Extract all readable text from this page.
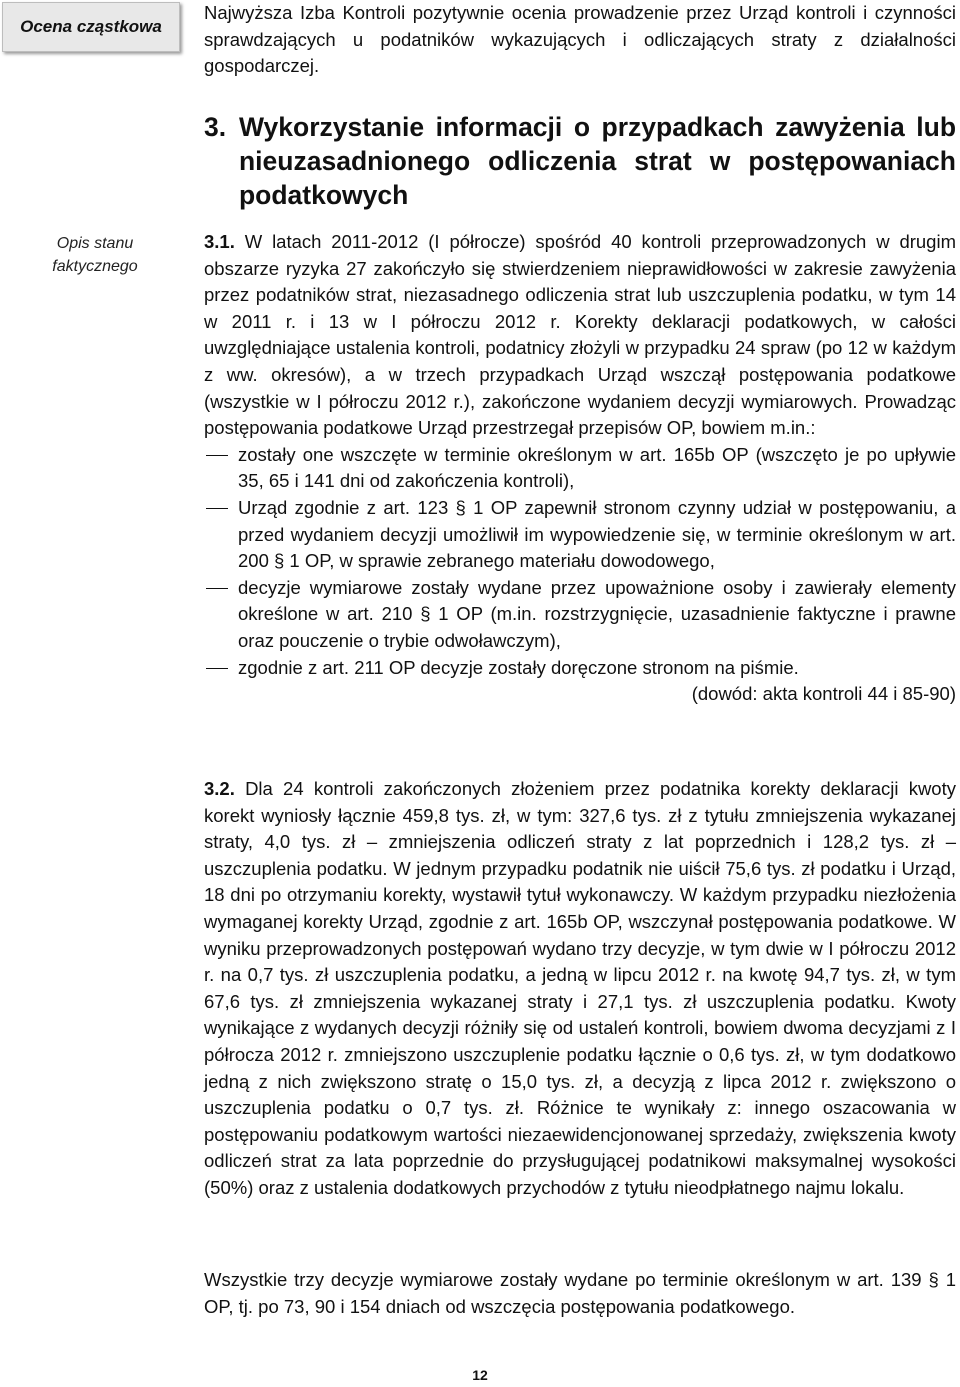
Ocena cząstkowa
Opis stanu
faktycznego
Najwyższa Izba Kontroli pozytywnie ocenia prowadzenie przez Urząd kontroli i czynności sprawdzających u podatników wykazujących i odliczających straty z działalności gospodarczej.
3. Wykorzystanie informacji o przypadkach zawyżenia lub nieuzasadnionego odliczenia strat w postępowaniach podatkowych
3.1. W latach 2011-2012 (I półrocze) spośród 40 kontroli przeprowadzonych w drugim obszarze ryzyka 27 zakończyło się stwierdzeniem nieprawidłowości w zakresie zawyżenia przez podatników strat, niezasadnego odliczenia strat lub uszczuplenia podatku, w tym 14 w 2011 r. i 13 w I półroczu 2012 r. Korekty deklaracji podatkowych, w całości uwzględniające ustalenia kontroli, podatnicy złożyli w przypadku 24 spraw (po 12 w każdym z ww. okresów), a w trzech przypadkach Urząd wszczął postępowania podatkowe (wszystkie w I półroczu 2012 r.), zakończone wydaniem decyzji wymiarowych. Prowadząc postępowania podatkowe Urząd przestrzegał przepisów OP, bowiem m.in.:
zostały one wszczęte w terminie określonym w art. 165b OP (wszczęto je po upływie 35, 65 i 141 dni od zakończenia kontroli),
Urząd zgodnie z art. 123 § 1 OP zapewnił stronom czynny udział w postępowaniu, a przed wydaniem decyzji umożliwił im wypowiedzenie się, w terminie określonym w art. 200 § 1 OP, w sprawie zebranego materiału dowodowego,
decyzje wymiarowe zostały wydane przez upoważnione osoby i zawierały elementy określone w art. 210 § 1 OP (m.in. rozstrzygnięcie, uzasadnienie faktyczne i prawne oraz pouczenie o trybie odwoławczym),
zgodnie z art. 211 OP decyzje zostały doręczone stronom na piśmie.
(dowód: akta kontroli 44 i 85-90)
3.2. Dla 24 kontroli zakończonych złożeniem przez podatnika korekty deklaracji kwoty korekt wyniosły łącznie 459,8 tys. zł, w tym: 327,6 tys. zł z tytułu zmniejszenia wykazanej straty, 4,0 tys. zł – zmniejszenia odliczeń straty z lat poprzednich i 128,2 tys. zł – uszczuplenia podatku. W jednym przypadku podatnik nie uiścił 75,6 tys. zł podatku i Urząd, 18 dni po otrzymaniu korekty, wystawił tytuł wykonawczy. W każdym przypadku niezłożenia wymaganej korekty Urząd, zgodnie z art. 165b OP, wszczynał postępowania podatkowe. W wyniku przeprowadzonych postępowań wydano trzy decyzje, w tym dwie w I półroczu 2012 r. na 0,7 tys. zł uszczuplenia podatku, a jedną w lipcu 2012 r. na kwotę 94,7 tys. zł, w tym 67,6 tys. zł zmniejszenia wykazanej straty i 27,1 tys. zł uszczuplenia podatku. Kwoty wynikające z wydanych decyzji różniły się od ustaleń kontroli, bowiem dwoma decyzjami z I półrocza 2012 r. zmniejszono uszczuplenie podatku łącznie o 0,6 tys. zł, w tym dodatkowo jedną z nich zwiększono stratę o 15,0 tys. zł, a decyzją z lipca 2012 r. zwiększono o uszczuplenia podatku o 0,7 tys. zł. Różnice te wynikały z: innego oszacowania w postępowaniu podatkowym wartości niezaewidencjonowanej sprzedaży, zwiększenia kwoty odliczeń strat za lata poprzednie do przysługującej podatnikowi maksymalnej wysokości (50%) oraz z ustalenia dodatkowych przychodów z tytułu nieodpłatnego najmu lokalu.
Wszystkie trzy decyzje wymiarowe zostały wydane po terminie określonym w art. 139 § 1 OP, tj. po 73, 90 i 154 dniach od wszczęcia postępowania podatkowego.
12
